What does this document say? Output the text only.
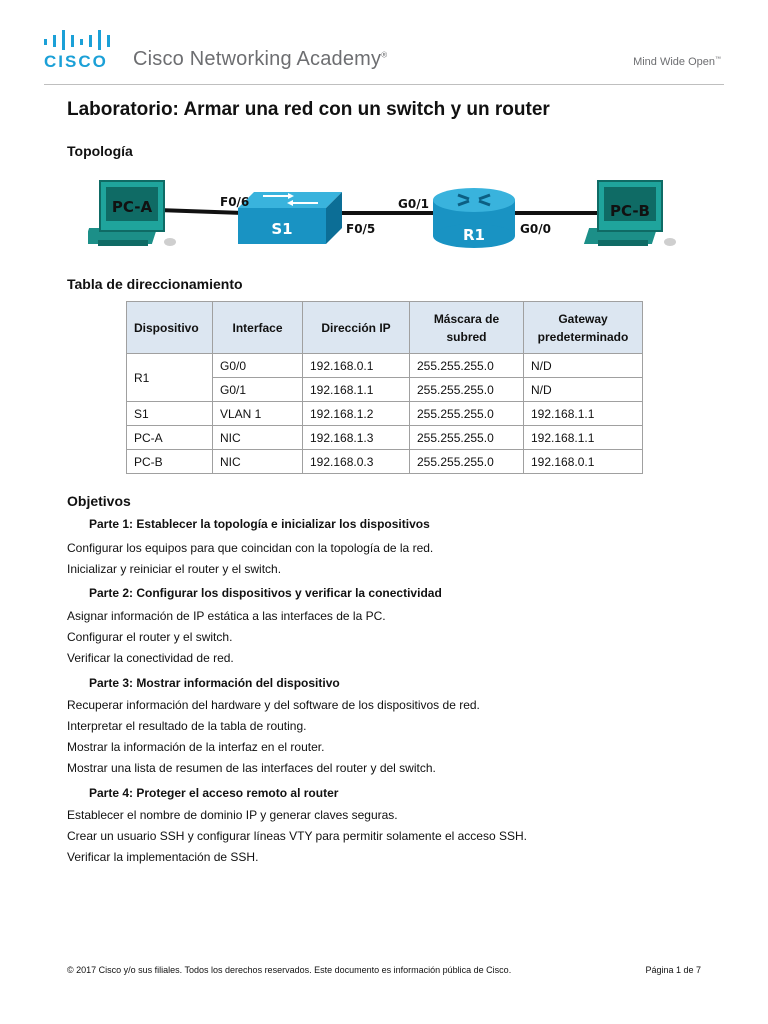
CISCO Cisco Networking Academy®
Mind Wide Open™
Laboratorio: Armar una red con un switch y un router
Topología
PC-A
S1	R1
PC-B
F0/6
F0/5
G0/1
G0/0
Tabla de direccionamiento
Dispositivo	Interface	Dirección IP	Máscara de subred	Gateway predeterminado
R1	G0/0	192.168.0.1	255.255.255.0	N/D
	G0/1	192.168.1.1	255.255.255.0	N/D
S1	VLAN 1	192.168.1.2	255.255.255.0	192.168.1.1
PC-A	NIC	192.168.1.3	255.255.255.0	192.168.1.1
PC-B	NIC	192.168.0.3	255.255.255.0	192.168.0.1
Objetivos

Parte 1: Establecer la topología e inicializar los dispositivos

Configurar los equipos para que coincidan con la topología de la red.

Inicializar y reiniciar el router y el switch.

Parte 2: Configurar los dispositivos y verificar la conectividad

Asignar información de IP estática a las interfaces de la PC.

Configurar el router y el switch.

Verificar la conectividad de red.

Parte 3: Mostrar información del dispositivo

Recuperar información del hardware y del software de los dispositivos de red.

Interpretar el resultado de la tabla de routing.

Mostrar la información de la interfaz en el router.

Mostrar una lista de resumen de las interfaces del router y del switch.

Parte 4: Proteger el acceso remoto al router

Establecer el nombre de dominio IP y generar claves seguras.

Crear un usuario SSH y configurar líneas VTY para permitir solamente el acceso SSH.

Verificar la implementación de SSH.

© 2017 Cisco y/o sus filiales. Todos los derechos reservados. Este documento es información pública de Cisco.	Página 1 de 7
